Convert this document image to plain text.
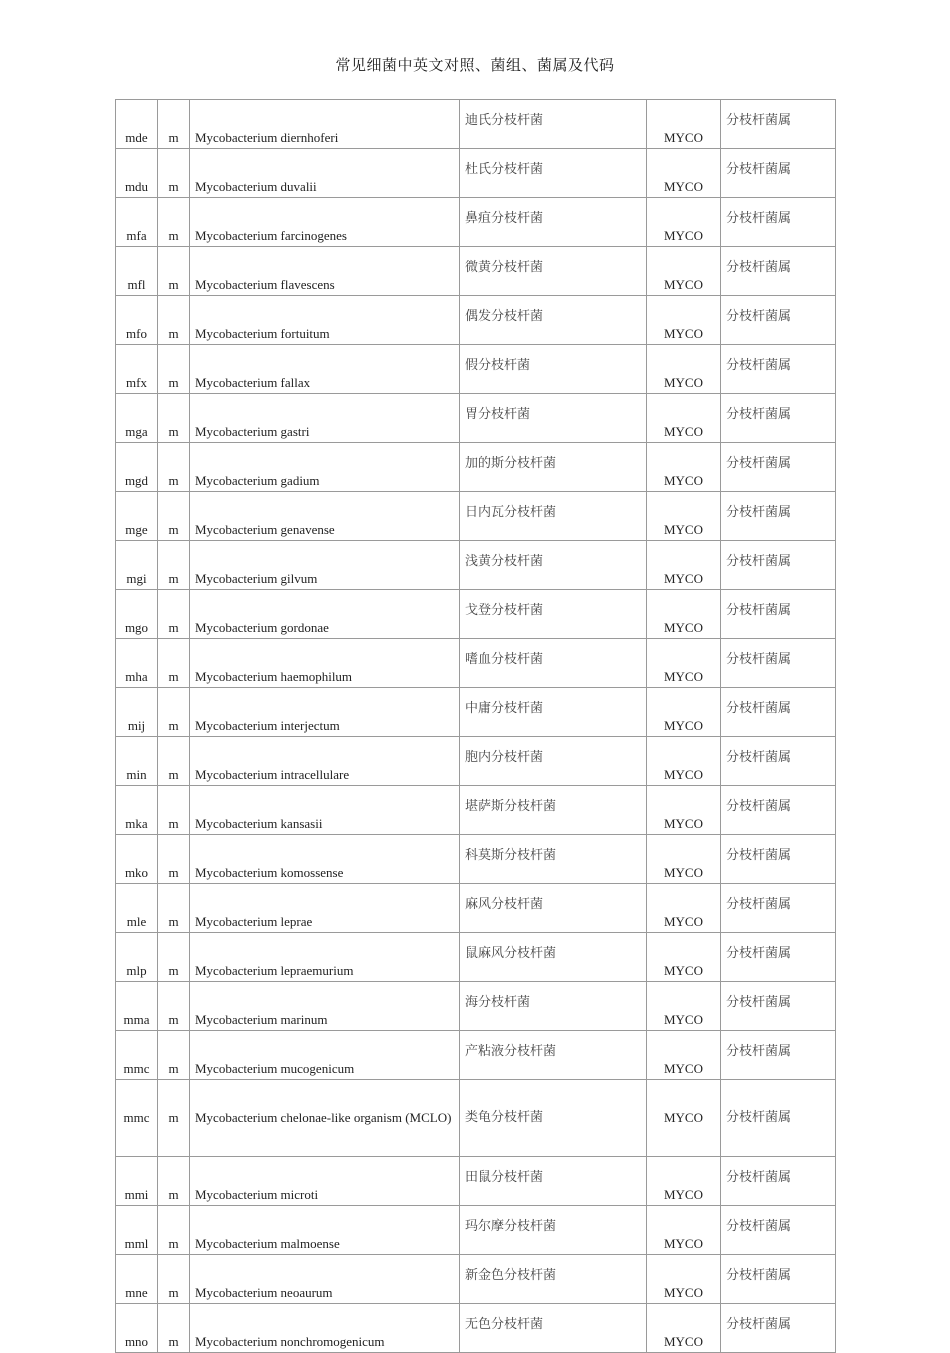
常见细菌中英文对照、菌组、菌属及代码
mde	m	Mycobacterium diernhoferi	迪氏分枝杆菌	MYCO	分枝杆菌属
mdu	m	Mycobacterium duvalii	杜氏分枝杆菌	MYCO	分枝杆菌属
mfa	m	Mycobacterium farcinogenes	鼻疽分枝杆菌	MYCO	分枝杆菌属
mfl	m	Mycobacterium flavescens	微黄分枝杆菌	MYCO	分枝杆菌属
mfo	m	Mycobacterium fortuitum	偶发分枝杆菌	MYCO	分枝杆菌属
mfx	m	Mycobacterium fallax	假分枝杆菌	MYCO	分枝杆菌属
mga	m	Mycobacterium gastri	胃分枝杆菌	MYCO	分枝杆菌属
mgd	m	Mycobacterium gadium	加的斯分枝杆菌	MYCO	分枝杆菌属
mge	m	Mycobacterium genavense	日内瓦分枝杆菌	MYCO	分枝杆菌属
mgi	m	Mycobacterium gilvum	浅黄分枝杆菌	MYCO	分枝杆菌属
mgo	m	Mycobacterium gordonae	戈登分枝杆菌	MYCO	分枝杆菌属
mha	m	Mycobacterium haemophilum	嗜血分枝杆菌	MYCO	分枝杆菌属
mij	m	Mycobacterium interjectum	中庸分枝杆菌	MYCO	分枝杆菌属
min	m	Mycobacterium intracellulare	胞内分枝杆菌	MYCO	分枝杆菌属
mka	m	Mycobacterium kansasii	堪萨斯分枝杆菌	MYCO	分枝杆菌属
mko	m	Mycobacterium komossense	科莫斯分枝杆菌	MYCO	分枝杆菌属
mle	m	Mycobacterium leprae	麻风分枝杆菌	MYCO	分枝杆菌属
mlp	m	Mycobacterium lepraemurium	鼠麻风分枝杆菌	MYCO	分枝杆菌属
mma	m	Mycobacterium marinum	海分枝杆菌	MYCO	分枝杆菌属
mmc	m	Mycobacterium mucogenicum	产粘液分枝杆菌	MYCO	分枝杆菌属
mmc	m	Mycobacterium chelonae-like organism (MCLO)	类龟分枝杆菌	MYCO	分枝杆菌属
mmi	m	Mycobacterium microti	田鼠分枝杆菌	MYCO	分枝杆菌属
mml	m	Mycobacterium malmoense	玛尔摩分枝杆菌	MYCO	分枝杆菌属
mne	m	Mycobacterium neoaurum	新金色分枝杆菌	MYCO	分枝杆菌属
mno	m	Mycobacterium nonchromogenicum	无色分枝杆菌	MYCO	分枝杆菌属
